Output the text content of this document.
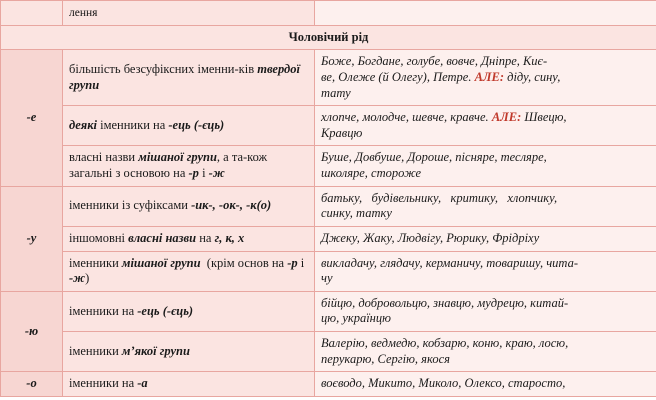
	лення	
Чоловічий рід		
-е	більшість безсуфіксних іменни-ків твердої групи	Боже, Богдане, голубе, вовче, Дніпре, Киє-
ве, Олеже (й Олегу), Петре. АЛЕ: діду, сину,
тату

	деякі іменники на -ець (-єць)	хлопче, молодче, шевче, кравче. АЛЕ: Швецю,
Кравцю

	власні назви мішаної групи, а та-кож загальні з основою на -р і -ж	Буше, Довбуше, Дороше, пісняре, тесляре,
школяре, стороже

-у	іменники із суфіксами -ик-, -ок-, -к(о)	батьку,   будівельнику,   критику,   хлопчику,
синку, татку

	іншомовні власні назви на г, к, х	Джеку, Жаку, Людвігу, Рюрику, Фрідріху

	іменники мішаної групи  (крім основ на -р і -ж)	викладачу, глядачу, керманичу, товаришу, чита-
чу

-ю	іменники на -ець (-єць)	бійцю, добровольцю, знавцю, мудрецю, китай-
цю, українцю

	іменники м’якої групи	Валерію, ведмедю, кобзарю, коню, краю, лосю,
перукарю, Сергію, якося

-о	іменники на -а	воєводо, Микито, Миколо, Олексо, старосто,
